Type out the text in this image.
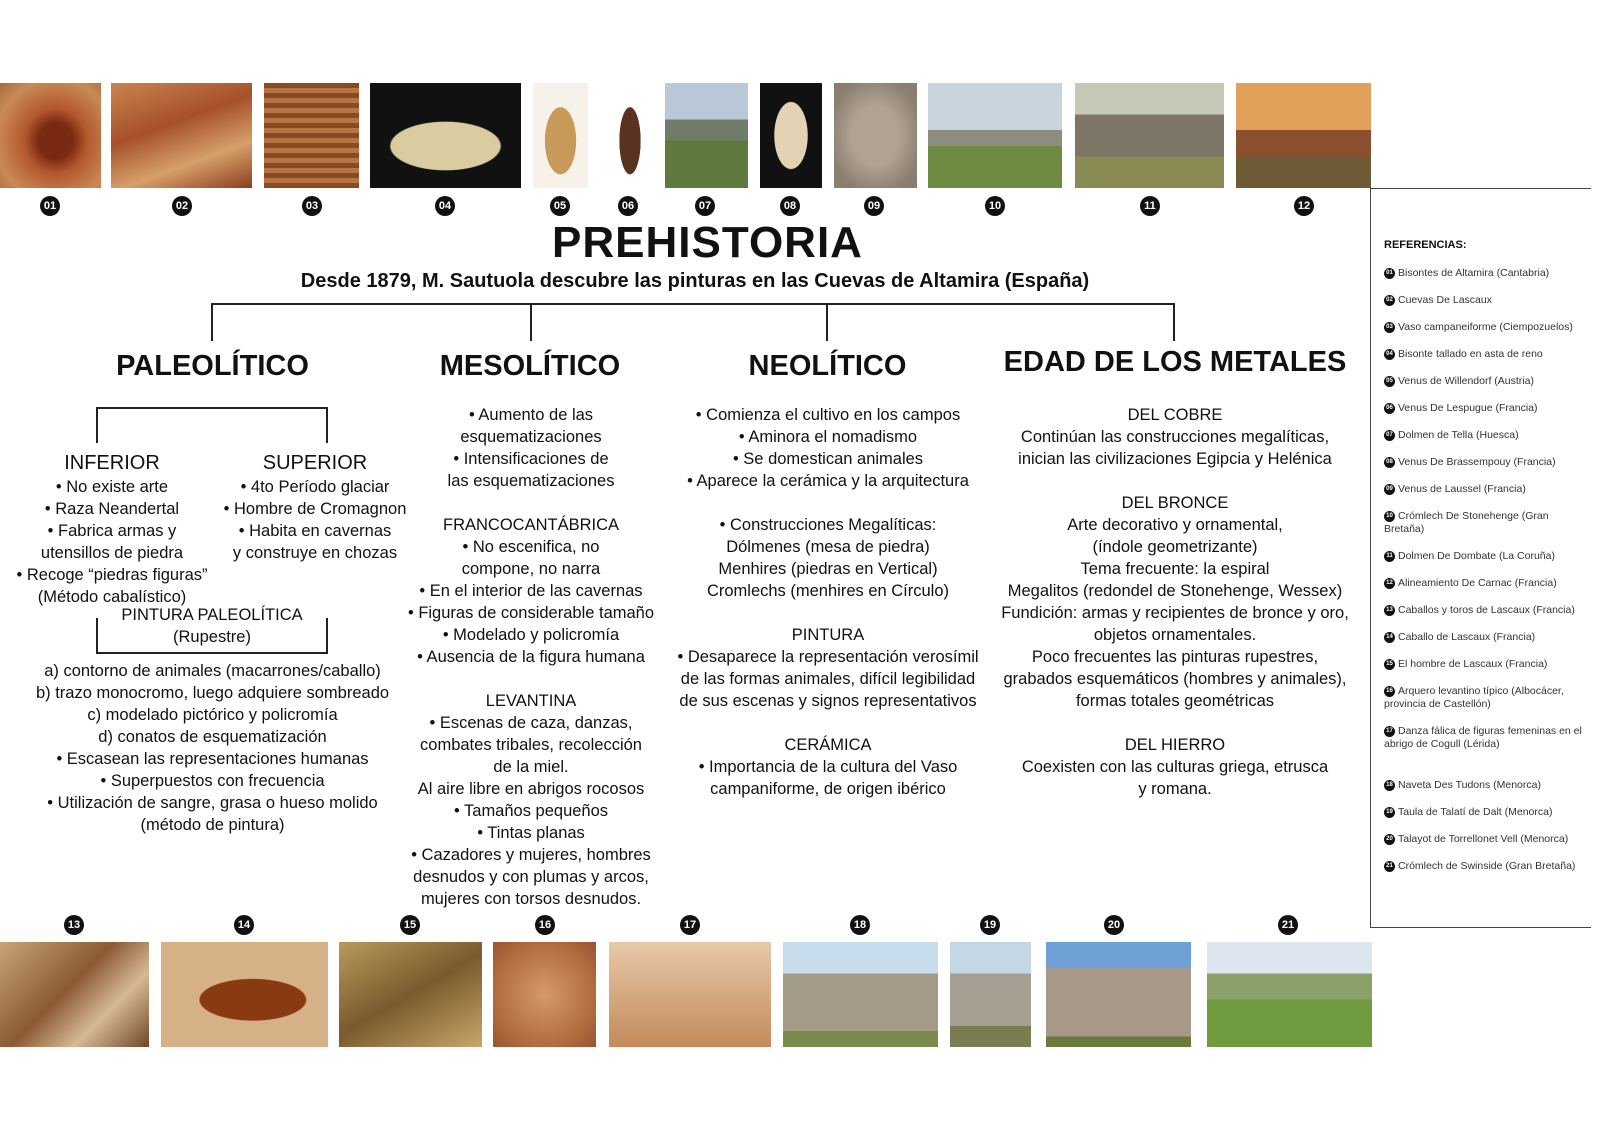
01	02	03	04	05	06	07	08	09	10	11	12
PREHISTORIA
Desde 1879, M. Sautuola descubre las pinturas en las Cuevas de Altamira (España)
PALEOLÍTICO
INFERIOR
• No existe arte
• Raza Neandertal
• Fabrica armas y
utensillos de piedra
• Recoge “piedras figuras”
(Método cabalístico)
SUPERIOR
• 4to Período glaciar
• Hombre de Cromagnon
• Habita en cavernas
y construye en chozas
PINTURA PALEOLÍTICA
(Rupestre)
a) contorno de animales (macarrones/caballo)
b) trazo monocromo, luego adquiere sombreado
c) modelado pictórico y policromía
d) conatos de esquematización
• Escasean las representaciones humanas
• Superpuestos con frecuencia
• Utilización de sangre, grasa o hueso molido
(método de pintura)
MESOLÍTICO
• Aumento de las
esquematizaciones
• Intensificaciones de
las esquematizaciones
FRANCOCANTÁBRICA
• No escenifica, no
compone, no narra
• En el interior de las cavernas
• Figuras de considerable tamaño
• Modelado y policromía
• Ausencia de la figura humana
LEVANTINA
• Escenas de caza, danzas,
combates tribales, recolección
de la miel.
Al aire libre en abrigos rocosos
• Tamaños pequeños
• Tintas planas
• Cazadores y mujeres, hombres
desnudos y con plumas y arcos,
mujeres con torsos desnudos.
NEOLÍTICO
• Comienza el cultivo en los campos
• Aminora el nomadismo
• Se domestican animales
• Aparece la cerámica y la arquitectura
• Construcciones Megalíticas:
Dólmenes (mesa de piedra)
Menhires (piedras en Vertical)
Cromlechs (menhires en Círculo)
PINTURA
• Desaparece la representación verosímil
de las formas animales, difícil legibilidad
de sus escenas y signos representativos
CERÁMICA
• Importancia de la cultura del Vaso
campaniforme, de origen ibérico
EDAD DE LOS METALES
DEL COBRE
Continúan las construcciones megalíticas,
inician las civilizaciones Egipcia y Helénica
DEL BRONCE
Arte decorativo y ornamental,
(índole geometrizante)
Tema frecuente: la espiral
Megalitos (redondel de Stonehenge, Wessex)
Fundición: armas y recipientes de bronce y oro,
objetos ornamentales.
Poco frecuentes las pinturas rupestres,
grabados esquemáticos (hombres y animales),
formas totales geométricas
DEL HIERRO
Coexisten con las culturas griega, etrusca
y romana.
13	14	15	16	17	18	19	20	21
REFERENCIAS:
01 Bisontes de Altamira (Cantabria)
02 Cuevas De Lascaux
03 Vaso campaneiforme (Ciempozuelos)
04 Bisonte tallado en asta de reno
05 Venus de Willendorf (Austria)
06 Venus De Lespugue (Francia)
07 Dolmen de Tella (Huesca)
08 Venus De Brassempouy (Francia)
09 Venus de Laussel (Francia)
10 Crómlech De Stonehenge (Gran Bretaña)
11 Dolmen De Dombate (La Coruña)
12 Alineamiento De Carnac (Francia)
13 Caballos y toros de Lascaux (Francia)
14 Caballo de Lascaux (Francia)
15 El hombre de Lascaux (Francia)
16 Arquero levantino típico (Albocácer, provincia de Castellón)
17 Danza fálica de figuras femeninas en el abrigo de Cogull (Lérida)
18 Naveta Des Tudons (Menorca)
19 Taula de Talatí de Dalt (Menorca)
20 Talayot de Torrellonet Vell (Menorca)
21 Crómlech de Swinside (Gran Bretaña)
